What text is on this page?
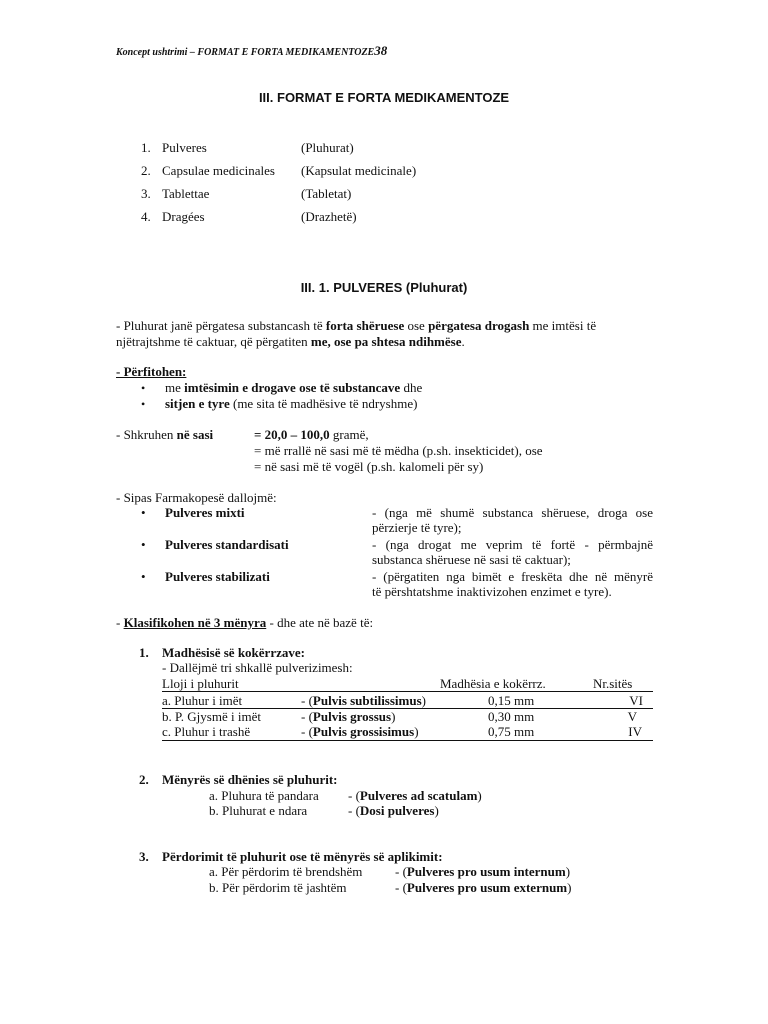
Koncept ushtrimi – FORMAT E FORTA MEDIKAMENTOZE38
III. FORMAT E FORTA MEDIKAMENTOZE
1. Pulveres	(Pluhurat)
2. Capsulae medicinales (Kapsulat medicinale)
3. Tablettae	(Tabletat)
4. Dragées	(Drazhetë)
III. 1. PULVERES (Pluhurat)
- Pluhurat janë përgatesa substancash të forta shëruese ose përgatesa drogash me imtësi të
njëtrajtshme të caktuar, që përgatiten me, ose pa shtesa ndihmëse.
- Përfitohen:
• me imtësimin e drogave ose të substancave dhe
• sitjen e tyre (me sita të madhësive të ndryshme)
- Shkruhen në sasi	= 20,0 – 100,0 gramë,
= më rrallë në sasi më të mëdha (p.sh. insekticidet), ose
= në sasi më të vogël (p.sh. kalomeli për sy)
- Sipas Farmakopesë dallojmë:
• Pulveres mixti	- (nga më shumë substanca shëruese, droga ose
përzierje të tyre);
• Pulveres standardisati	- (nga drogat me veprim të fortë - përmbajnë
substanca shëruese në sasi të caktuar);
• Pulveres stabilizati	- (përgatiten nga bimët e freskëta dhe në mënyrë
të përshtatshme inaktivizohen enzimet e tyre).
- Klasifikohen në 3 mënyra - dhe ate në bazë të:
1. Madhësisë së kokërrzave:
- Dallëjmë tri shkallë pulverizimesh:
Lloji i pluhurit	Madhësia e kokërrz.	Nr.sitës
a. Pluhur i imët	- (Pulvis subtilissimus)	0,15 mm	VI
b. P. Gjysmë i imët	- (Pulvis grossus)	0,30 mm	V
c. Pluhur i trashë	- (Pulvis grossisimus)	0,75 mm	IV
2. Mënyrës së dhënies së pluhurit:
a. Pluhura të pandara - (Pulveres ad scatulam)
b. Pluhurat e ndara	- (Dosi pulveres)
3. Përdorimit të pluhurit ose të mënyrës së aplikimit:
a. Për përdorim të brendshëm	- (Pulveres pro usum internum)
b. Për përdorim të jashtëm	- (Pulveres pro usum externum)
